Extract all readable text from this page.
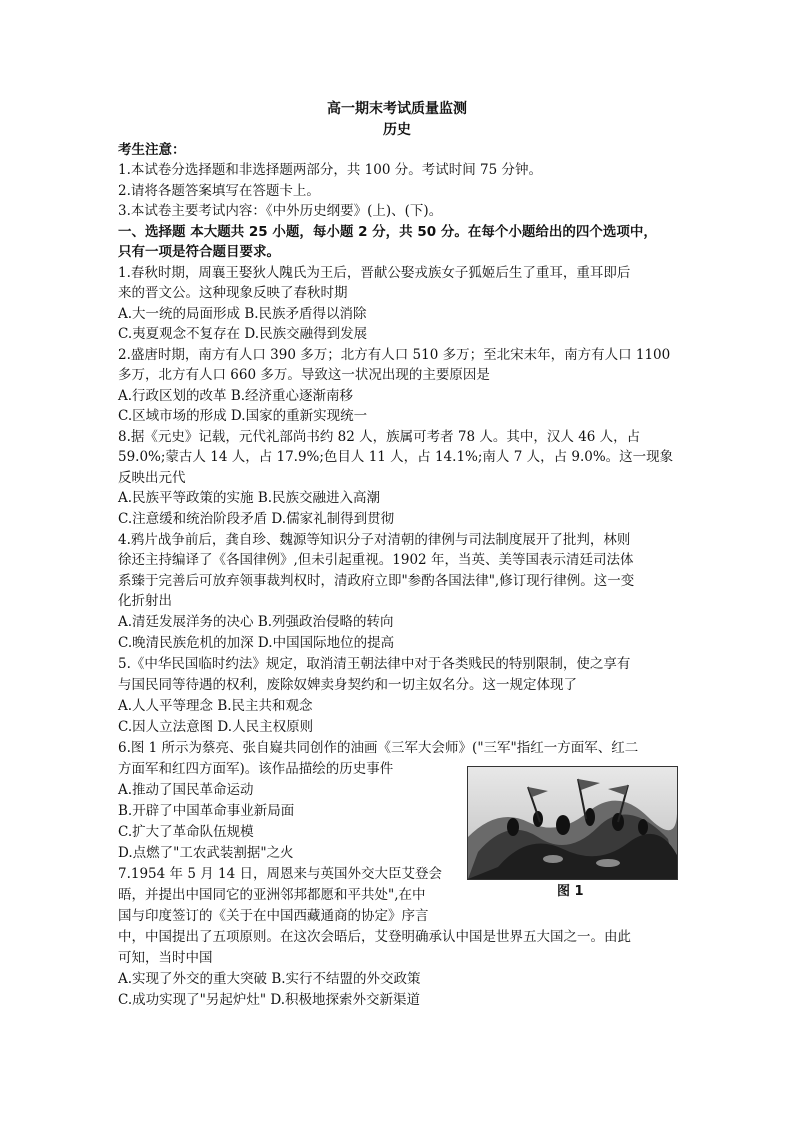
高一期末考试质量监测
历史
考生注意：
1.本试卷分选择题和非选择题两部分，共 100 分。考试时间 75 分钟。
2.请将各题答案填写在答题卡上。
3.本试卷主要考试内容：《中外历史纲要》(上)、(下)。
一、选择题 本大题共 25 小题，每小题 2 分，共 50 分。在每个小题给出的四个选项中，
只有一项是符合题目要求。
1.春秋时期，周襄王娶狄人隗氏为王后，晋献公娶戎族女子狐姬后生了重耳，重耳即后
来的晋文公。这种现象反映了春秋时期
A.大一统的局面形成 B.民族矛盾得以消除
C.夷夏观念不复存在 D.民族交融得到发展
2.盛唐时期，南方有人口 390 多万；北方有人口 510 多万；至北宋末年，南方有人口 1100
多万，北方有人口 660 多万。导致这一状况出现的主要原因是
A.行政区划的改革 B.经济重心逐渐南移
C.区域市场的形成 D.国家的重新实现统一
8.据《元史》记载，元代礼部尚书约 82 人，族属可考者 78 人。其中，汉人 46 人，占
59.0%;蒙古人 14 人，占 17.9%;色目人 11 人，占 14.1%;南人 7 人，占 9.0%。这一现象
反映出元代
A.民族平等政策的实施 B.民族交融进入高潮
C.注意缓和统治阶段矛盾 D.儒家礼制得到贯彻
4.鸦片战争前后，龚自珍、魏源等知识分子对清朝的律例与司法制度展开了批判，林则
徐还主持编译了《各国律例》,但未引起重视。1902 年，当英、美等国表示清廷司法体
系臻于完善后可放弃领事裁判权时，清政府立即"参酌各国法律",修订现行律例。这一变
化折射出
A.清廷发展洋务的决心 B.列强政治侵略的转向
C.晚清民族危机的加深 D.中国国际地位的提高
5.《中华民国临时约法》规定，取消清王朝法律中对于各类贱民的特别限制，使之享有
与国民同等待遇的权利，废除奴婢卖身契约和一切主奴名分。这一规定体现了
A.人人平等理念 B.民主共和观念
C.因人立法意图 D.人民主权原则
6.图 1 所示为蔡亮、张自嶷共同创作的油画《三军大会师》("三军"指红一方面军、红二
方面军和红四方面军)。该作品描绘的历史事件
A.推动了国民革命运动
B.开辟了中国革命事业新局面
C.扩大了革命队伍规模
D.点燃了"工农武装割据"之火
图 1
7.1954 年 5 月 14 日，周恩来与英国外交大臣艾登会
晤，并提出中国同它的亚洲邻邦都愿和平共处",在中
国与印度签订的《关于在中国西藏通商的协定》序言
中，中国提出了五项原则。在这次会晤后，艾登明确承认中国是世界五大国之一。由此
可知，当时中国
A.实现了外交的重大突破 B.实行不结盟的外交政策
C.成功实现了"另起炉灶" D.积极地探索外交新渠道
